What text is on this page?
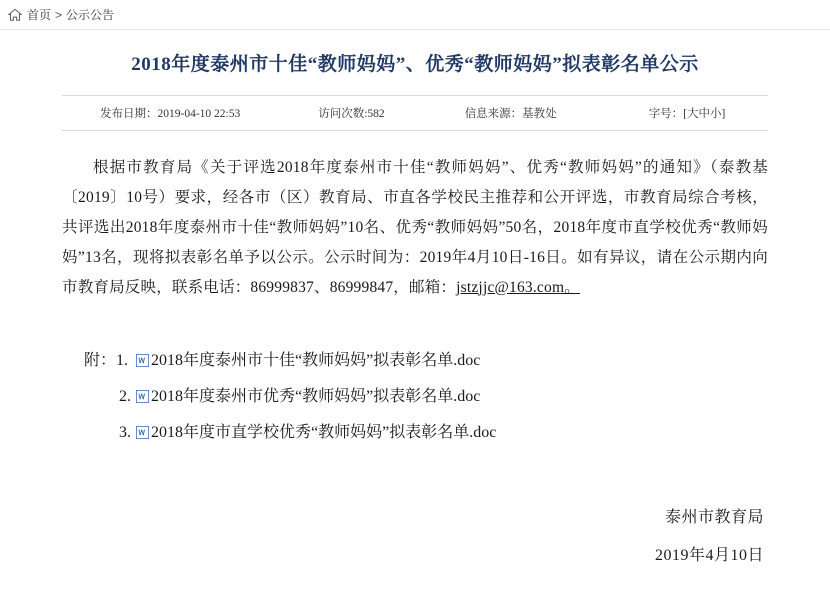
首页 > 公示公告
2018年度泰州市十佳“教师妈妈”、优秀“教师妈妈”拟表彰名单公示
发布日期：2019-04-10 22:53	访问次数:582	信息来源：基教处	字号：[大中小]

根据市教育局《关于评选2018年度泰州市十佳“教师妈妈”、优秀“教师妈妈”的通知》（泰教基〔2019〕10号）要求，经各市（区）教育局、市直各学校民主推荐和公开评选，市教育局综合考核，共评选出2018年度泰州市十佳“教师妈妈”10名、优秀“教师妈妈”50名，2018年度市直学校优秀“教师妈妈”13名，现将拟表彰名单予以公示。公示时间为：2019年4月10日-16日。如有异议，请在公示期内向市教育局反映，联系电话：86999837、86999847，邮箱：jstzjjc@163.com。

附：1.	2018年度泰州市十佳“教师妈妈”拟表彰名单.doc
2.	2018年度泰州市优秀“教师妈妈”拟表彰名单.doc
3.	2018年度市直学校优秀“教师妈妈”拟表彰名单.doc
泰州市教育局
2019年4月10日
